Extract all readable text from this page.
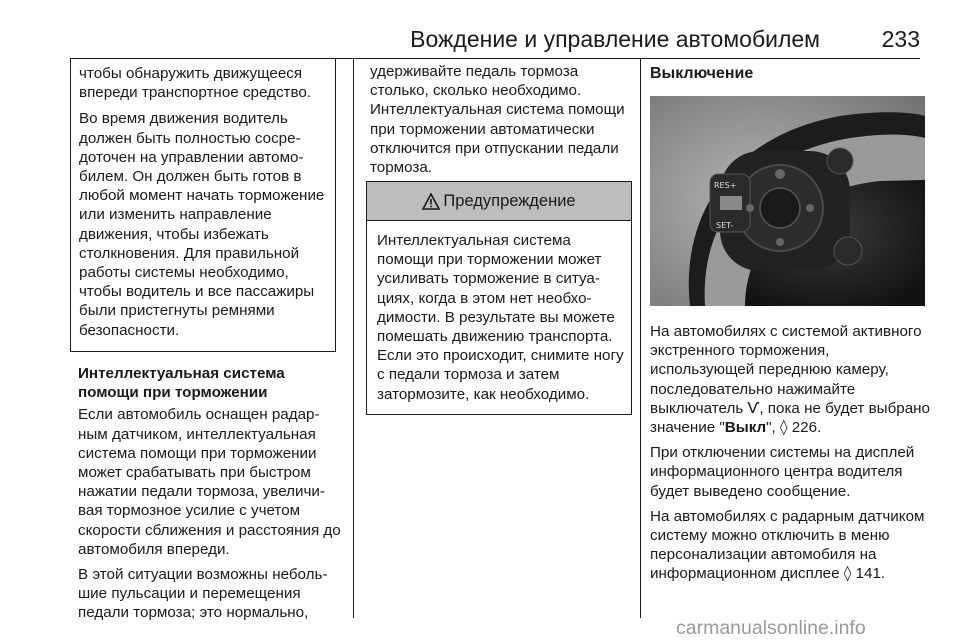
Вождение и управление автомобилем	233

чтобы обнаружить движущееся впереди транспортное средство.

Во время движения водитель должен быть полностью сосредоточен на управлении автомобилем. Он должен быть готов в любой момент начать торможение или изменить направление движения, чтобы избежать столкновения. Для правильной работы системы необходимо, чтобы водитель и все пассажиры были пристегнуты ремнями безопасности.

Интеллектуальная система помощи при торможении

Если автомобиль оснащен радарным датчиком, интеллектуальная система помощи при торможении может срабатывать при быстром нажатии педали тормоза, увеличивая тормозное усилие с учетом скорости сближения и расстояния до автомобиля впереди.

В этой ситуации возможны небольшие пульсации и перемещения педали тормоза; это нормально,

удерживайте педаль тормоза столько, сколько необходимо. Интеллектуальная система помощи при торможении автоматически отключится при отпускании педали тормоза.
Предупреждение
Интеллектуальная система помощи при торможении может усиливать торможение в ситуациях, когда в этом нет необходимости. В результате вы можете помешать движению транспорта. Если это происходит, снимите ногу с педали тормоза и затем затормозите, как необходимо.
Выключение
RES+
SET-

На автомобилях с системой активного экстренного торможения, использующей переднюю камеру, последовательно нажимайте выключатель Ѵ, пока не будет выбрано значение "Выкл", ◊ 226.

При отключении системы на дисплей информационного центра водителя будет выведено сообщение.

На автомобилях с радарным датчиком систему можно отключить в меню персонализации автомобиля на информационном дисплее ◊ 141.

carmanualsonline.info
